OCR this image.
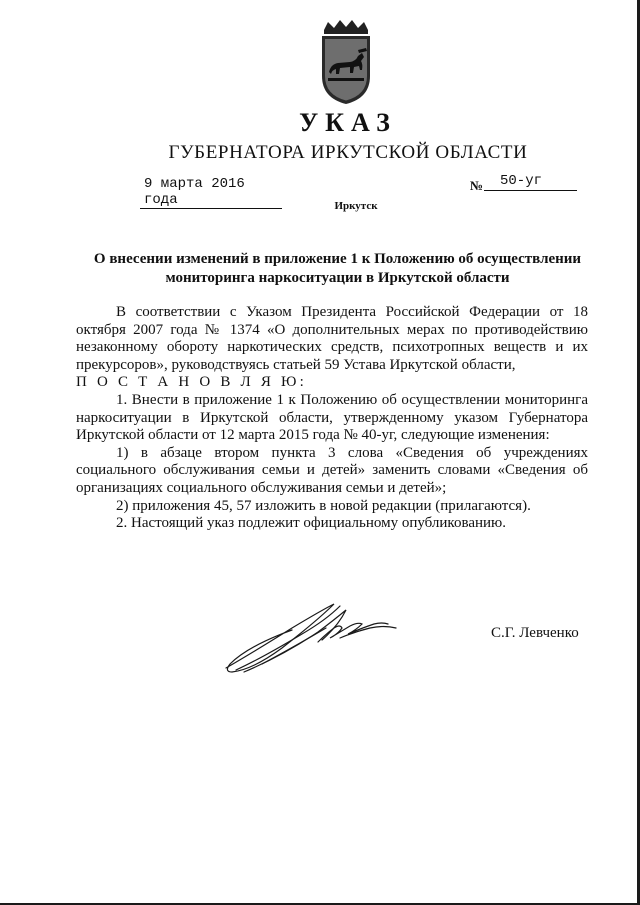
УКАЗ
ГУБЕРНАТОРА ИРКУТСКОЙ ОБЛАСТИ
9 марта 2016 года
№	50-уг
Иркутск
О внесении изменений в приложение 1 к Положению об осуществлении мониторинга наркоситуации в Иркутской области

В соответствии с Указом Президента Российской Федерации от 18 октября 2007 года № 1374 «О дополнительных мерах по противодействию незаконному обороту наркотических средств, психотропных веществ и их прекурсоров», руководствуясь статьей 59 Устава Иркутской области,

П О С Т А Н О В Л Я Ю:

1. Внести в приложение 1 к Положению об осуществлении мониторинга наркоситуации в Иркутской области, утвержденному указом Губернатора Иркутской области от 12 марта 2015 года № 40-уг, следующие изменения:

1) в абзаце втором пункта 3 слова «Сведения об учреждениях социального обслуживания семьи и детей» заменить словами «Сведения об организациях социального обслуживания семьи и детей»;

2) приложения 45, 57 изложить в новой редакции (прилагаются).

2. Настоящий указ подлежит официальному опубликованию.

С.Г. Левченко
